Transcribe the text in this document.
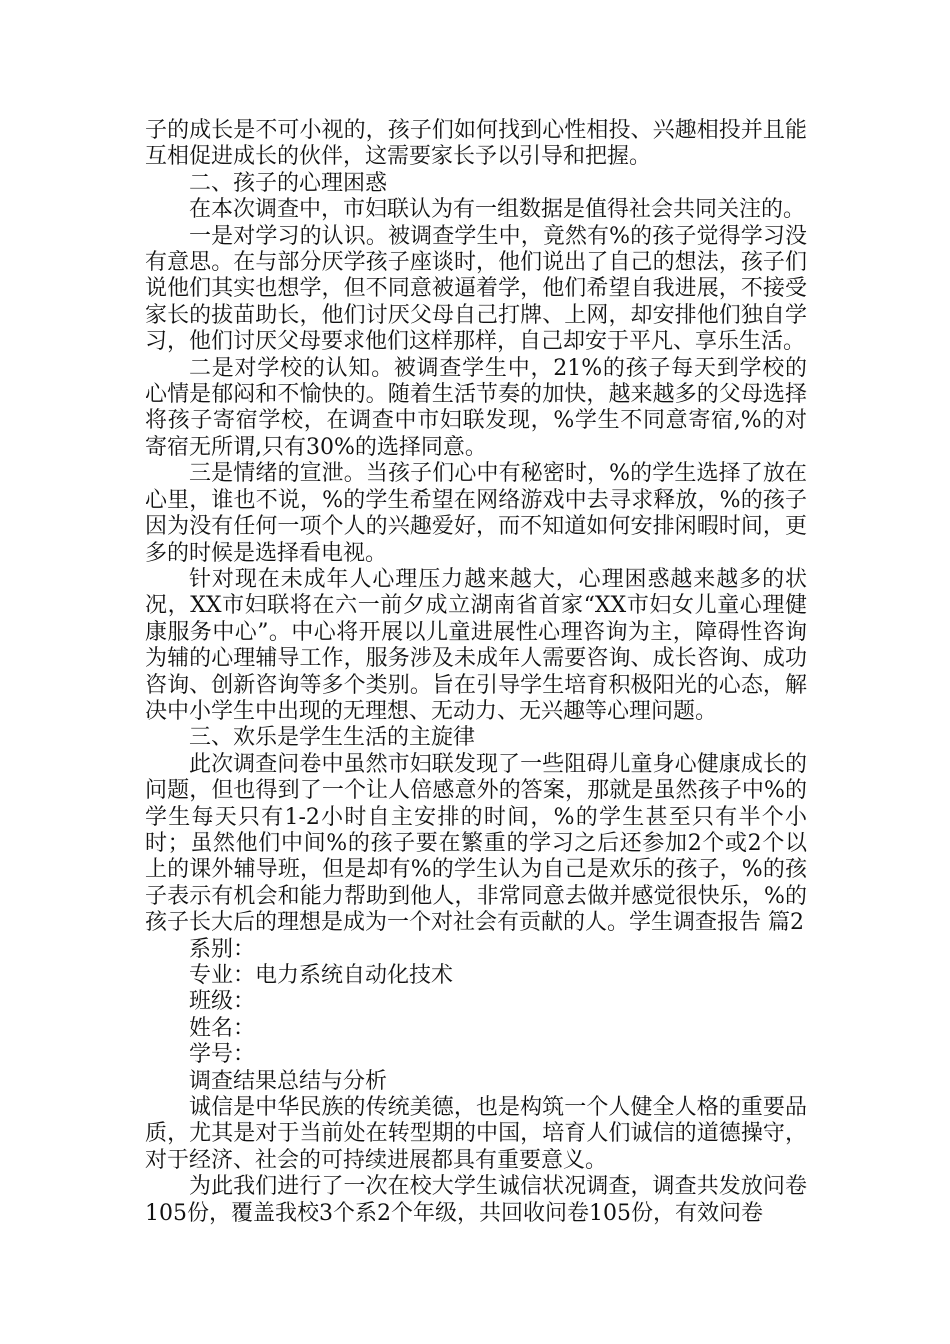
子的成长是不可小视的，孩子们如何找到心性相投、兴趣相投并且能互相促进成长的伙伴，这需要家长予以引导和把握。

二、孩子的心理困惑

在本次调查中，市妇联认为有一组数据是值得社会共同关注的。

一是对学习的认识。被调查学生中，竟然有%的孩子觉得学习没有意思。在与部分厌学孩子座谈时，他们说出了自己的想法，孩子们说他们其实也想学，但不同意被逼着学，他们希望自我进展，不接受家长的拔苗助长，他们讨厌父母自己打牌、上网，却安排他们独自学习，他们讨厌父母要求他们这样那样，自己却安于平凡、享乐生活。

二是对学校的认知。被调查学生中，21%的孩子每天到学校的心情是郁闷和不愉快的。随着生活节奏的加快，越来越多的父母选择将孩子寄宿学校，在调查中市妇联发现，%学生不同意寄宿,%的对寄宿无所谓,只有30%的选择同意。

三是情绪的宣泄。当孩子们心中有秘密时，%的学生选择了放在心里，谁也不说，%的学生希望在网络游戏中去寻求释放，%的孩子因为没有任何一项个人的兴趣爱好，而不知道如何安排闲暇时间，更多的时候是选择看电视。

针对现在未成年人心理压力越来越大，心理困惑越来越多的状况，XX市妇联将在六一前夕成立湖南省首家“XX市妇女儿童心理健康服务中心”。中心将开展以儿童进展性心理咨询为主，障碍性咨询为辅的心理辅导工作，服务涉及未成年人需要咨询、成长咨询、成功咨询、创新咨询等多个类别。旨在引导学生培育积极阳光的心态，解决中小学生中出现的无理想、无动力、无兴趣等心理问题。

三、欢乐是学生生活的主旋律

此次调查问卷中虽然市妇联发现了一些阻碍儿童身心健康成长的问题，但也得到了一个让人倍感意外的答案，那就是虽然孩子中%的学生每天只有1-2小时自主安排的时间，%的学生甚至只有半个小时；虽然他们中间%的孩子要在繁重的学习之后还参加2个或2个以上的课外辅导班，但是却有%的学生认为自己是欢乐的孩子，%的孩子表示有机会和能力帮助到他人，非常同意去做并感觉很快乐，%的孩子长大后的理想是成为一个对社会有贡献的人。学生调查报告 篇2

系别：

专业：电力系统自动化技术

班级：

姓名：

学号：

调查结果总结与分析

诚信是中华民族的传统美德，也是构筑一个人健全人格的重要品质，尤其是对于当前处在转型期的中国，培育人们诚信的道德操守，对于经济、社会的可持续进展都具有重要意义。

为此我们进行了一次在校大学生诚信状况调查，调查共发放问卷105份，覆盖我校3个系2个年级，共回收问卷105份，有效问卷
